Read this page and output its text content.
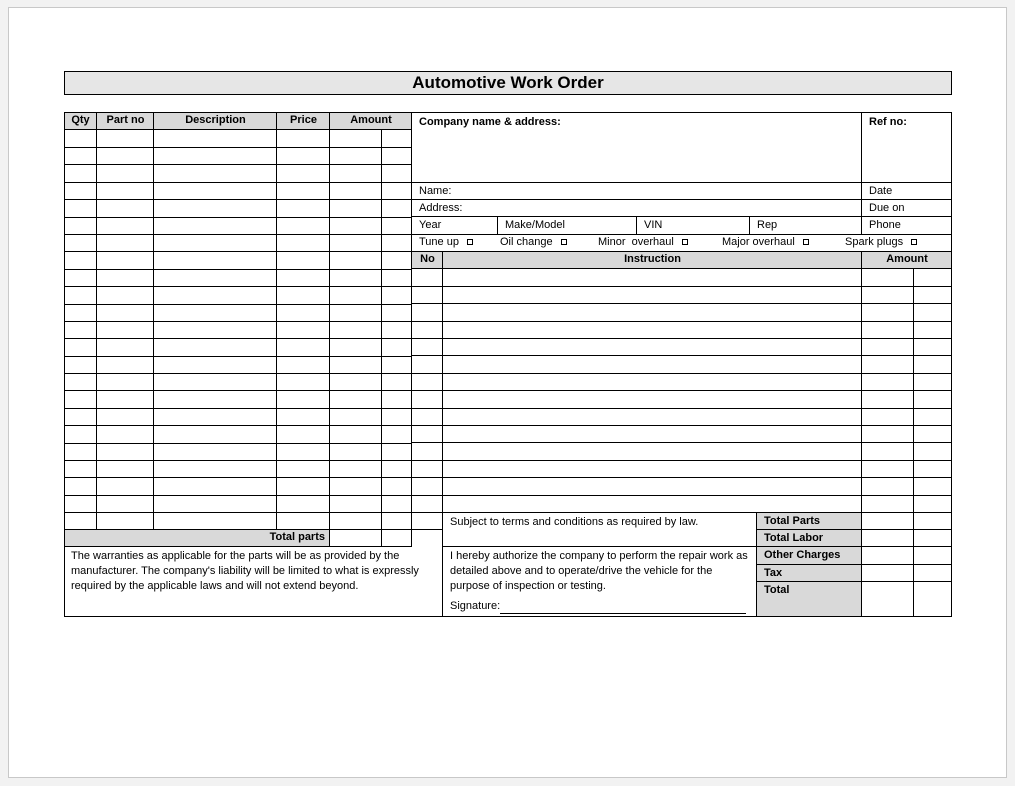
Automotive Work Order
Qty	Part no	Description	Price	Amount
Total parts
Company name & address:	Ref no:
Name:	Date
Address:	Due on
Year	Make/Model	VIN	Rep	Phone
Tune up	Oil change	Minor  overhaul	Major overhaul	Spark plugs
No	Instruction	Amount
Subject to terms and conditions as required by law.	Total Parts
Total Labor
Other Charges
Tax
Total
The warranties as applicable for the parts will be as provided by the manufacturer. The company's liability will be limited to what is expressly required by the applicable laws and will not extend beyond.
I hereby authorize the company to perform the repair work as detailed above and to operate/drive the vehicle for the purpose of inspection or testing.
Signature:
